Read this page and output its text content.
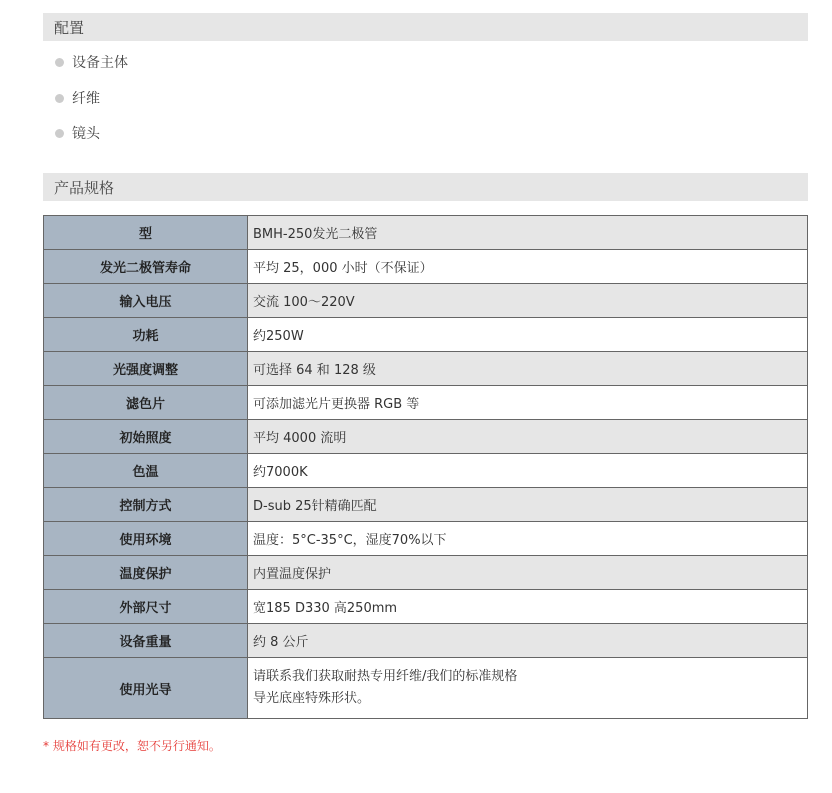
配置
设备主体
纤维
镜头
产品规格
型	BMH-250发光二极管
发光二极管寿命	平均 25，000 小时（不保证）
输入电压	交流 100～220V
功耗	约250W
光强度调整	可选择 64 和 128 级
滤色片	可添加滤光片更换器 RGB 等
初始照度	平均 4000 流明
色温	约7000K
控制方式	D-sub 25针精确匹配
使用环境	温度：5°C-35°C，湿度70%以下
温度保护	内置温度保护
外部尺寸	宽185 D330 高250mm
设备重量	约 8 公斤
使用光导	请联系我们获取耐热专用纤维/我们的标准规格
导光底座特殊形状。
* 规格如有更改，恕不另行通知。
